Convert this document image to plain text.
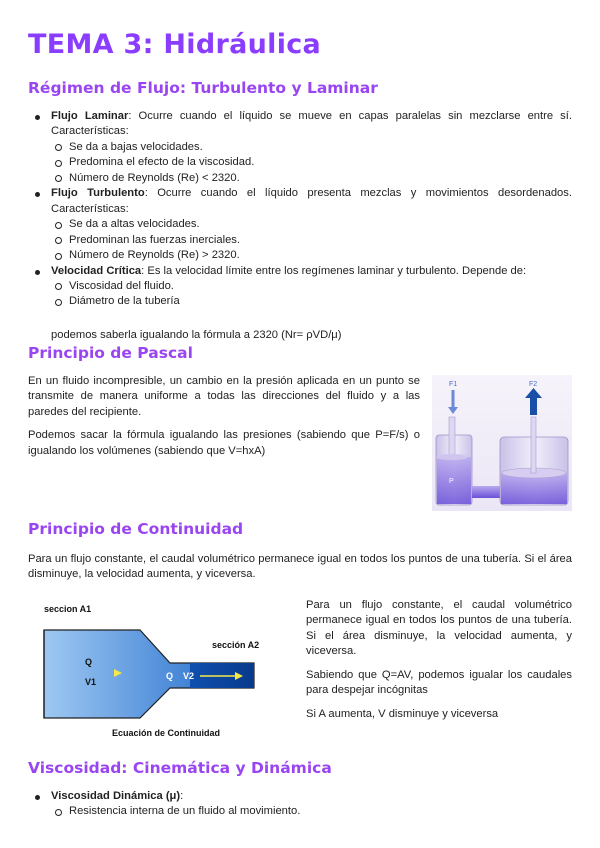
TEMA 3: Hidráulica
Régimen de Flujo: Turbulento y Laminar
Flujo Laminar: Ocurre cuando el líquido se mueve en capas paralelas sin mezclarse entre sí. Características:
Se da a bajas velocidades.
Predomina el efecto de la viscosidad.
Número de Reynolds (Re) < 2320.
Flujo Turbulento: Ocurre cuando el líquido presenta mezclas y movimientos desordenados. Características:
Se da a altas velocidades.
Predominan las fuerzas inerciales.
Número de Reynolds (Re) > 2320.
Velocidad Crítica: Es la velocidad límite entre los regímenes laminar y turbulento. Depende de:
Viscosidad del fluido.
Diámetro de la tubería
podemos saberla igualando la fórmula a 2320 (Nr= ρVD/μ)
Principio de Pascal

En un fluido incompresible, un cambio en la presión aplicada en un punto se transmite de manera uniforme a todas las direcciones del fluido y a las paredes del recipiente.

Podemos sacar la fórmula igualando las presiones (sabiendo que P=F/s) o igualando los volúmenes (sabiendo que V=hxA)

F1	F2
P
Principio de Continuidad
Para un flujo constante, el caudal volumétrico permanece igual en todos los puntos de una tubería. Si el área disminuye, la velocidad aumenta, y viceversa.
seccion A1
sección A2
Q
V1
Q V2
Ecuación de Continuidad

Para un flujo constante, el caudal volumétrico permanece igual en todos los puntos de una tubería. Si el área disminuye, la velocidad aumenta, y viceversa.

Sabiendo que Q=AV, podemos igualar los caudales para despejar incógnitas

Si A aumenta, V disminuye y viceversa

Viscosidad: Cinemática y Dinámica
Viscosidad Dinámica (μ):
Resistencia interna de un fluido al movimiento.
